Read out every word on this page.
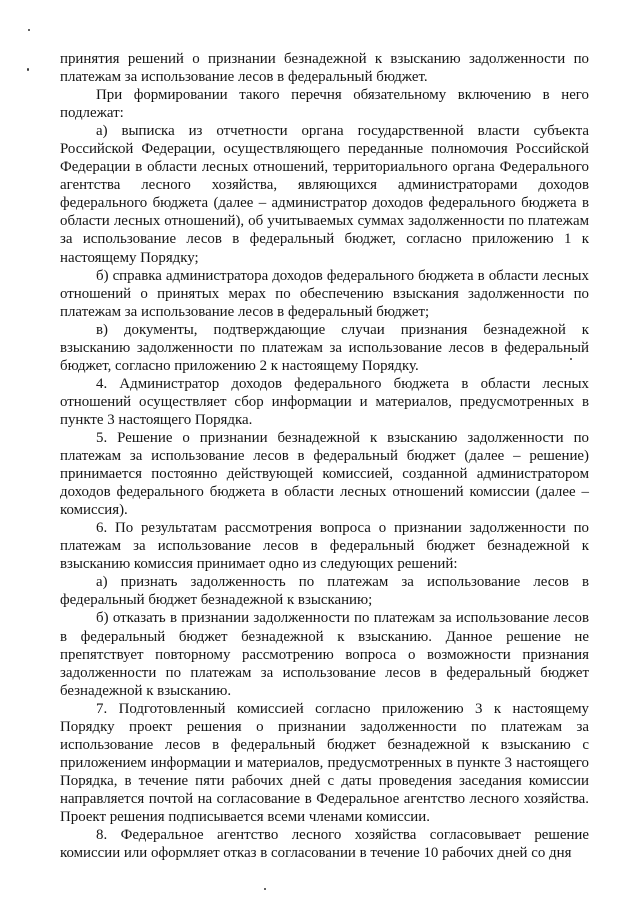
принятия решений о признании безнадежной к взысканию задолженности по платежам за использование лесов в федеральный бюджет.

При формировании такого перечня обязательному включению в него подлежат:

а) выписка из отчетности органа государственной власти субъекта Российской Федерации, осуществляющего переданные полномочия Российской Федерации в области лесных отношений, территориального органа Федерального агентства лесного хозяйства, являющихся администраторами доходов федерального бюджета (далее – администратор доходов федерального бюджета в области лесных отношений), об учитываемых суммах задолженности по платежам за использование лесов в федеральный бюджет, согласно приложению 1 к настоящему Порядку;

б) справка администратора доходов федерального бюджета в области лесных отношений о принятых мерах по обеспечению взыскания задолженности по платежам за использование лесов в федеральный бюджет;

в) документы, подтверждающие случаи признания безнадежной к взысканию задолженности по платежам за использование лесов в федеральный бюджет, согласно приложению 2 к настоящему Порядку.

4. Администратор доходов федерального бюджета в области лесных отношений осуществляет сбор информации и материалов, предусмотренных в пункте 3 настоящего Порядка.

5. Решение о признании безнадежной к взысканию задолженности по платежам за использование лесов в федеральный бюджет (далее – решение) принимается постоянно действующей комиссией, созданной администратором доходов федерального бюджета в области лесных отношений комиссии (далее – комиссия).

6. По результатам рассмотрения вопроса о признании задолженности по платежам за использование лесов в федеральный бюджет безнадежной к взысканию комиссия принимает одно из следующих решений:

а) признать задолженность по платежам за использование лесов в федеральный бюджет безнадежной к взысканию;

б) отказать в признании задолженности по платежам за использование лесов в федеральный бюджет безнадежной к взысканию. Данное решение не препятствует повторному рассмотрению вопроса о возможности признания задолженности по платежам за использование лесов в федеральный бюджет безнадежной к взысканию.

7. Подготовленный комиссией согласно приложению 3 к настоящему Порядку проект решения о признании задолженности по платежам за использование лесов в федеральный бюджет безнадежной к взысканию с приложением информации и материалов, предусмотренных в пункте 3 настоящего Порядка, в течение пяти рабочих дней с даты проведения заседания комиссии направляется почтой на согласование в Федеральное агентство лесного хозяйства. Проект решения подписывается всеми членами комиссии.

8. Федеральное агентство лесного хозяйства согласовывает решение комиссии или оформляет отказ в согласовании в течение 10 рабочих дней со дня
